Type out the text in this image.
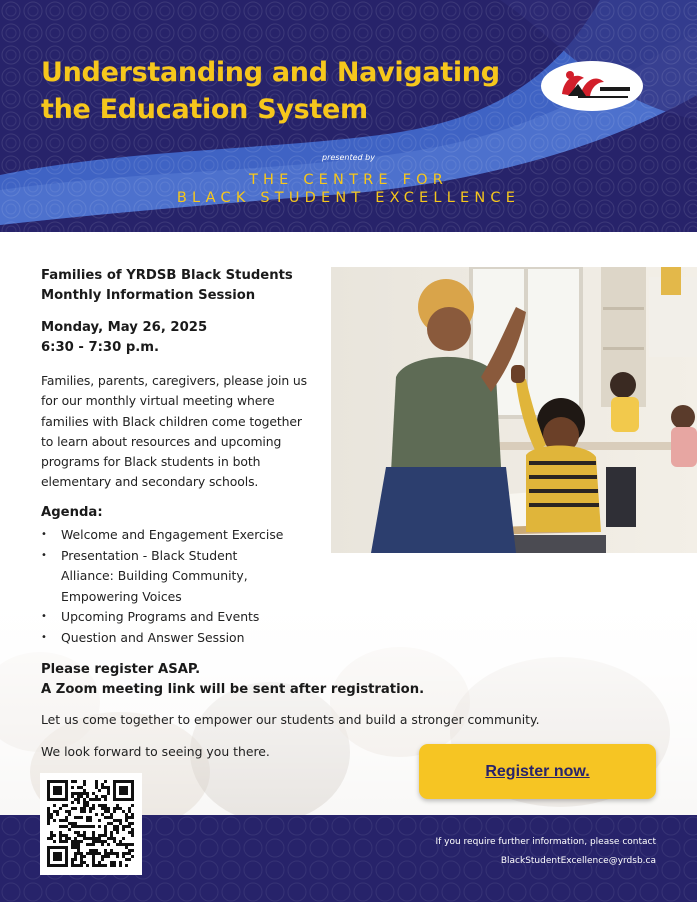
Understanding and Navigating
the Education System
presented by
THE CENTRE FOR
BLACK STUDENT EXCELLENCE
Families of YRDSB Black Students
Monthly Information Session
Monday, May 26, 2025
6:30 - 7:30 p.m.
Families, parents, caregivers, please join us for our monthly virtual meeting where families with Black children come together to learn about resources and upcoming programs for Black students in both elementary and secondary schools.
Agenda:
• Welcome and Engagement Exercise
• Presentation - Black Student Alliance: Building Community, Empowering Voices
• Upcoming Programs and Events
• Question and Answer Session
Please register ASAP.
A Zoom meeting link will be sent after registration.
Let us come together to empower our students and build a stronger community.
We look forward to seeing you there.
Register now.
If you require further information, please contact
BlackStudentExcellence@yrdsb.ca
